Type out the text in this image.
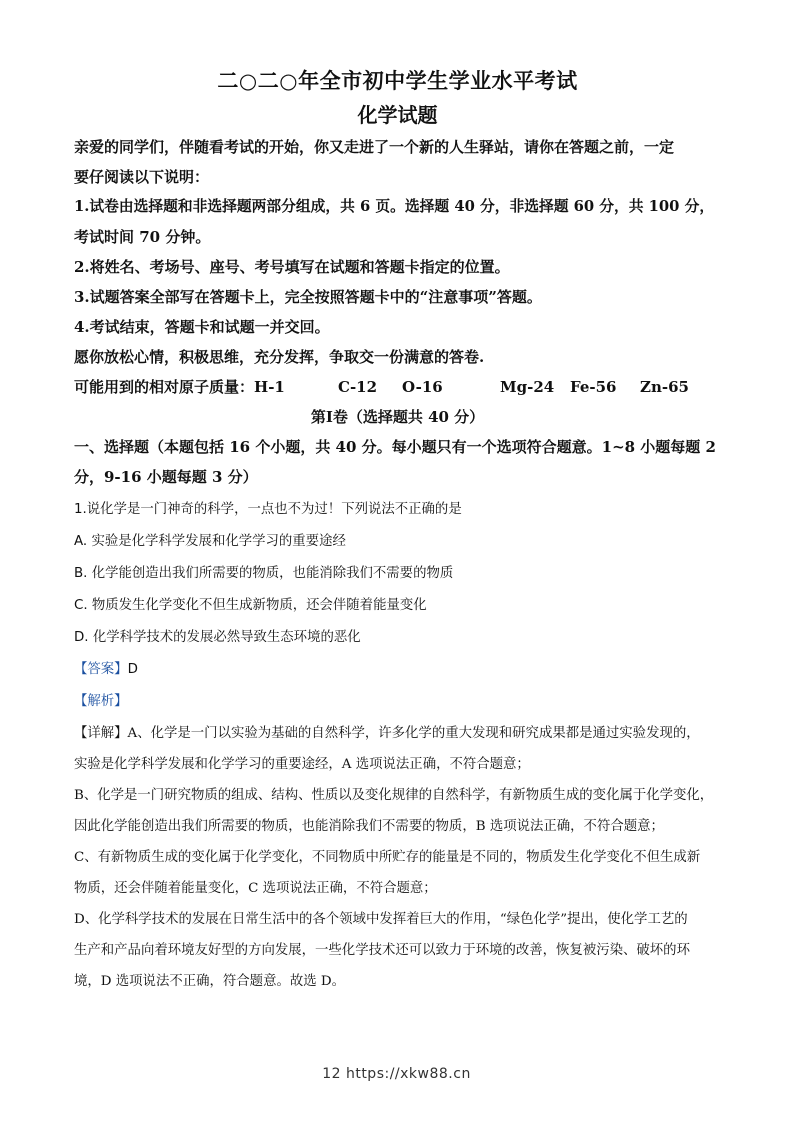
二○二○年全市初中学生学业水平考试

化学试题

亲爱的同学们，伴随看考试的开始，你又走进了一个新的人生驿站，请你在答题之前，一定

要仔阅读以下说明：

1.试卷由选择题和非选择题两部分组成，共 6 页。选择题 40 分，非选择题 60 分，共 100 分，

考试时间 70 分钟。

2.将姓名、考场号、座号、考号填写在试题和答题卡指定的位置。

3.试题答案全部写在答题卡上，完全按照答题卡中的“注意事项”答题。

4.考试结束，答题卡和试题一并交回。

愿你放松心情，积极思维，充分发挥，争取交一份满意的答卷.

可能用到的相对原子质量： H-1	C-12	O-16	Mg-24	Fe-56	Zn-65

第Ⅰ卷（选择题共 40 分）

一、选择题（本题包括 16 个小题，共 40 分。每小题只有一个选项符合题意。1~8 小题每题 2

分，9-16 小题每题 3 分）

1.说化学是一门神奇的科学，一点也不为过！下列说法不正确的是

A. 实验是化学科学发展和化学学习的重要途经

B. 化学能创造出我们所需要的物质，也能消除我们不需要的物质

C. 物质发生化学变化不但生成新物质，还会伴随着能量变化

D. 化学科学技术的发展必然导致生态环境的恶化

【答案】D

【解析】

【详解】A、化学是一门以实验为基础的自然科学，许多化学的重大发现和研究成果都是通过实验发现的，

实验是化学科学发展和化学学习的重要途经，A 选项说法正确，不符合题意；

B、化学是一门研究物质的组成、结构、性质以及变化规律的自然科学，有新物质生成的变化属于化学变化，

因此化学能创造出我们所需要的物质，也能消除我们不需要的物质，B 选项说法正确，不符合题意；

C、有新物质生成的变化属于化学变化，不同物质中所贮存的能量是不同的，物质发生化学变化不但生成新

物质，还会伴随着能量变化，C 选项说法正确，不符合题意；

D、化学科学技术的发展在日常生活中的各个领域中发挥着巨大的作用，“绿色化学”提出，使化学工艺的

生产和产品向着环境友好型的方向发展，一些化学技术还可以致力于环境的改善，恢复被污染、破坏的环

境，D 选项说法不正确，符合题意。故选 D。

12 https://xkw88.cn
